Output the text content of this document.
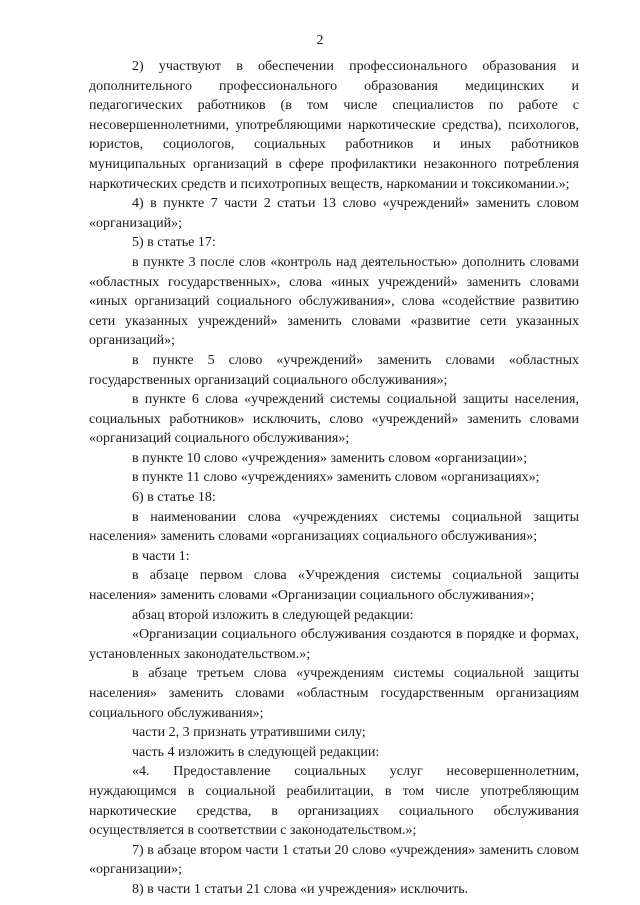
2

2) участвуют в обеспечении профессионального образования и дополнительного профессионального образования медицинских и педагогических работников (в том числе специалистов по работе с несовершеннолетними, употребляющими наркотические средства), психологов, юристов, социологов, социальных работников и иных работников муниципальных организаций в сфере профилактики незаконного потребления наркотических средств и психотропных веществ, наркомании и токсикомании.»;

4) в пункте 7 части 2 статьи 13 слово «учреждений» заменить словом «организаций»;

5) в статье 17:

в пункте 3 после слов «контроль над деятельностью» дополнить словами «областных государственных», слова «иных учреждений» заменить словами «иных организаций социального обслуживания», слова «содействие развитию сети указанных учреждений» заменить словами «развитие сети указанных организаций»;

в пункте 5 слово «учреждений» заменить словами «областных государственных организаций социального обслуживания»;

в пункте 6 слова «учреждений системы социальной защиты населения, социальных работников» исключить, слово «учреждений» заменить словами «организаций социального обслуживания»;

в пункте 10 слово «учреждения» заменить словом «организации»;

в пункте 11 слово «учреждениях» заменить словом «организациях»;

6) в статье 18:

в наименовании слова «учреждениях системы социальной защиты населения» заменить словами «организациях социального обслуживания»;

в части 1:

в абзаце первом слова «Учреждения системы социальной защиты населения» заменить словами «Организации социального обслуживания»;

абзац второй изложить в следующей редакции:

«Организации социального обслуживания создаются в порядке и формах, установленных законодательством.»;

в абзаце третьем слова «учреждениям системы социальной защиты населения» заменить словами «областным государственным организациям социального обслуживания»;

части 2, 3 признать утратившими силу;

часть 4 изложить в следующей редакции:

«4. Предоставление социальных услуг несовершеннолетним, нуждающимся в социальной реабилитации, в том числе употребляющим наркотические средства, в организациях социального обслуживания осуществляется в соответствии с законодательством.»;

7) в абзаце втором части 1 статьи 20 слово «учреждения» заменить словом «организации»;

8) в части 1 статьи 21 слова «и учреждения» исключить.
